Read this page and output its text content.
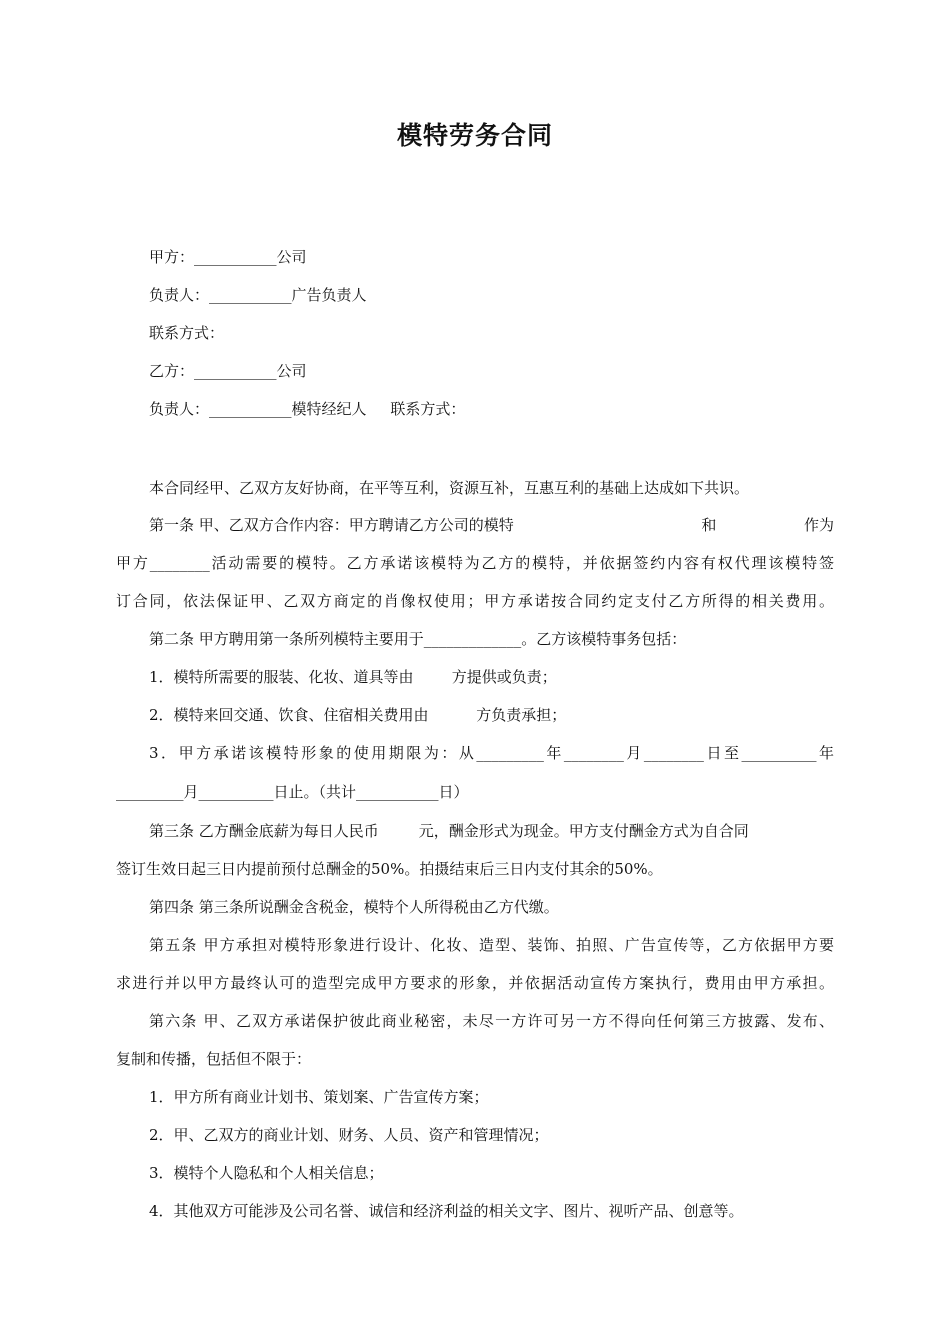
模特劳务合同
甲方：___________公司
负责人：___________广告负责人
联系方式：
乙方：___________公司
负责人：___________模特经纪人     联系方式：
本合同经甲、乙双方友好协商，在平等互利，资源互补，互惠互利的基础上达成如下共识。
第一条 甲、乙双方合作内容：甲方聘请乙方公司的模特	和	作为
甲方________活动需要的模特。乙方承诺该模特为乙方的模特，并依据签约内容有权代理该模特签
订合同，依法保证甲、乙双方商定的肖像权使用；甲方承诺按合同约定支付乙方所得的相关费用。
第二条 甲方聘用第一条所列模特主要用于_____________。乙方该模特事务包括：
1．模特所需要的服装、化妆、道具等由        方提供或负责；
2．模特来回交通、饮食、住宿相关费用由          方负责承担；
3．甲方承诺该模特形象的使用期限为：从_________年________月________日至__________年
_________月__________日止。（共计___________日）
第三条 乙方酬金底薪为每日人民币	元，酬金形式为现金。甲方支付酬金方式为自合同
签订生效日起三日内提前预付总酬金的50%。拍摄结束后三日内支付其余的50%。
第四条 第三条所说酬金含税金，模特个人所得税由乙方代缴。
第五条 甲方承担对模特形象进行设计、化妆、造型、装饰、拍照、广告宣传等，乙方依据甲方要
求进行并以甲方最终认可的造型完成甲方要求的形象，并依据活动宣传方案执行，费用由甲方承担。
第六条 甲、乙双方承诺保护彼此商业秘密，未尽一方许可另一方不得向任何第三方披露、发布、
复制和传播，包括但不限于：
1．甲方所有商业计划书、策划案、广告宣传方案；
2．甲、乙双方的商业计划、财务、人员、资产和管理情况；
3．模特个人隐私和个人相关信息；
4．其他双方可能涉及公司名誉、诚信和经济利益的相关文字、图片、视听产品、创意等。
